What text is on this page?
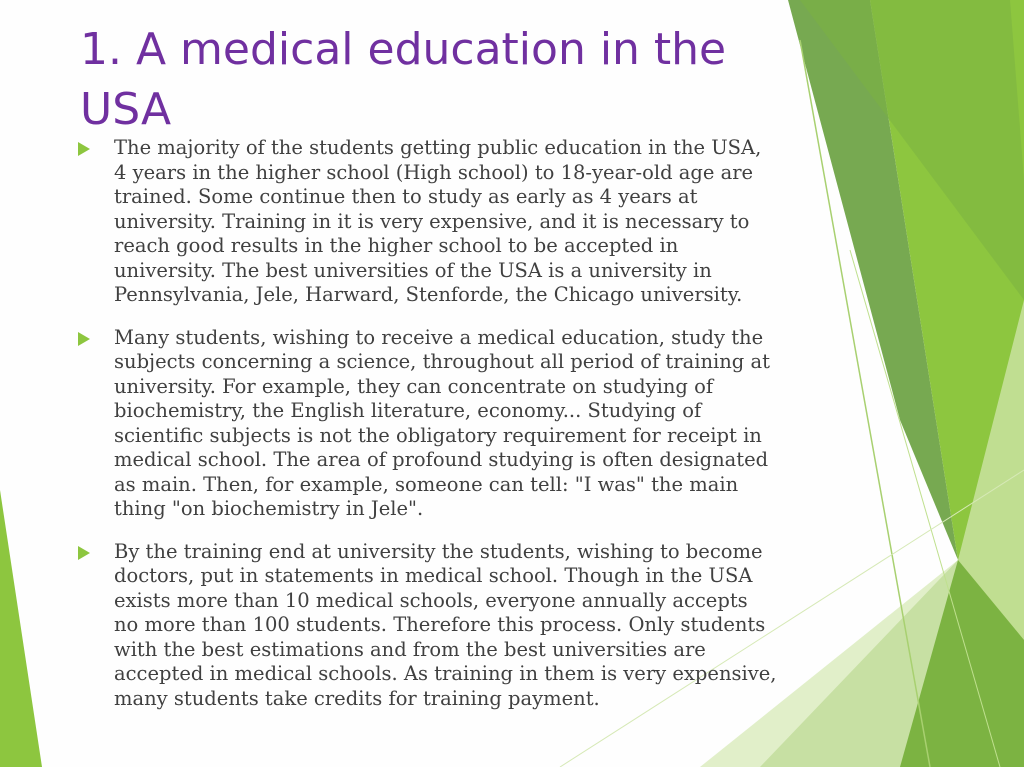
1. A medical education in the USA
The majority of the students getting public education in the USA, 4 years in the higher school (High school) to 18-year-old age are trained. Some continue then to study as early as 4 years at university. Training in it is very expensive, and it is necessary to reach good results in the higher school to be accepted in university. The best universities of the USA is a university in Pennsylvania, Jele, Harward, Stenforde, the Chicago university.
Many students, wishing to receive a medical education, study the subjects concerning a science, throughout all period of training at university. For example, they can concentrate on studying of biochemistry, the English literature, economy... Studying of scientific subjects is not the obligatory requirement for receipt in medical school. The area of profound studying is often designated as main. Then, for example, someone can tell: "I was" the main thing "on biochemistry in Jele".
By the training end at university the students, wishing to become doctors, put in statements in medical school. Though in the USA exists more than 10 medical schools, everyone annually accepts no more than 100 students. Therefore this process. Only students with the best estimations and from the best universities are accepted in medical schools. As training in them is very expensive, many students take credits for training payment.
